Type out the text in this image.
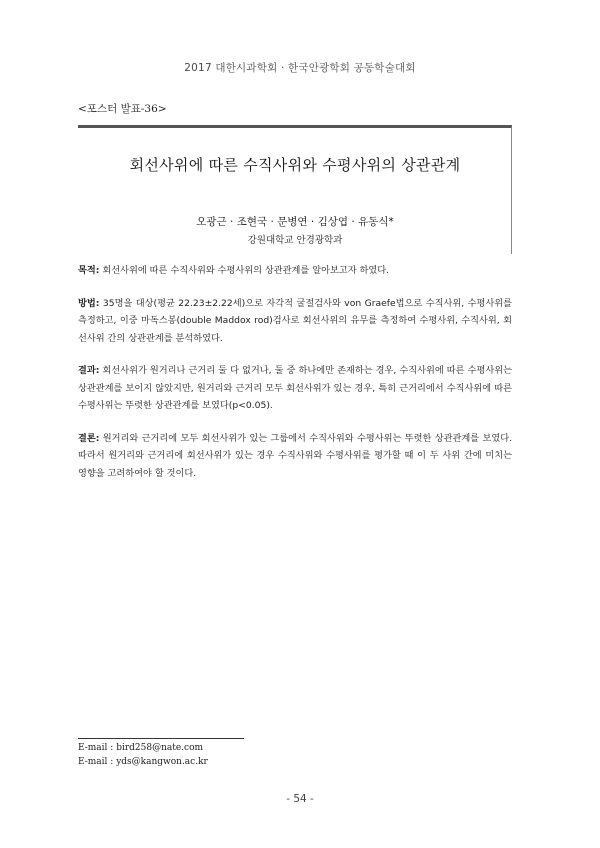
2017 대한시과학회 · 한국안광학회 공동학술대회
<포스터 발표-36>
회선사위에 따른 수직사위와 수평사위의 상관관계
오광근 · 조현국 · 문병연 · 김상엽 · 유동식*
강원대학교 안경광학과

목적: 회선사위에 따른 수직사위와 수평사위의 상관관계를 알아보고자 하였다.

방법: 35명을 대상(평균 22.23±2.22세)으로 자각적 굴절검사와 von Graefe법으로 수직사위, 수평사위를 측정하고, 이중 마독스봉(double Maddox rod)검사로 회선사위의 유무를 측정하여 수평사위, 수직사위, 회선사위 간의 상관관계를 분석하였다.

결과: 회선사위가 원거리나 근거리 둘 다 없거나, 둘 중 하나에만 존재하는 경우, 수직사위에 따른 수평사위는 상관관계를 보이지 않았지만, 원거리와 근거리 모두 회선사위가 있는 경우, 특히 근거리에서 수직사위에 따른 수평사위는 뚜렷한 상관관계를 보였다(p<0.05).

결론: 원거리와 근거리에 모두 회선사위가 있는 그룹에서 수직사위와 수평사위는 뚜렷한 상관관계를 보였다. 따라서 원거리와 근거리에 회선사위가 있는 경우 수직사위와 수평사위를 평가할 때 이 두 사위 간에 미치는 영향을 고려하여야 할 것이다.

E-mail : bird258@nate.com
E-mail : yds@kangwon.ac.kr
- 54 -
